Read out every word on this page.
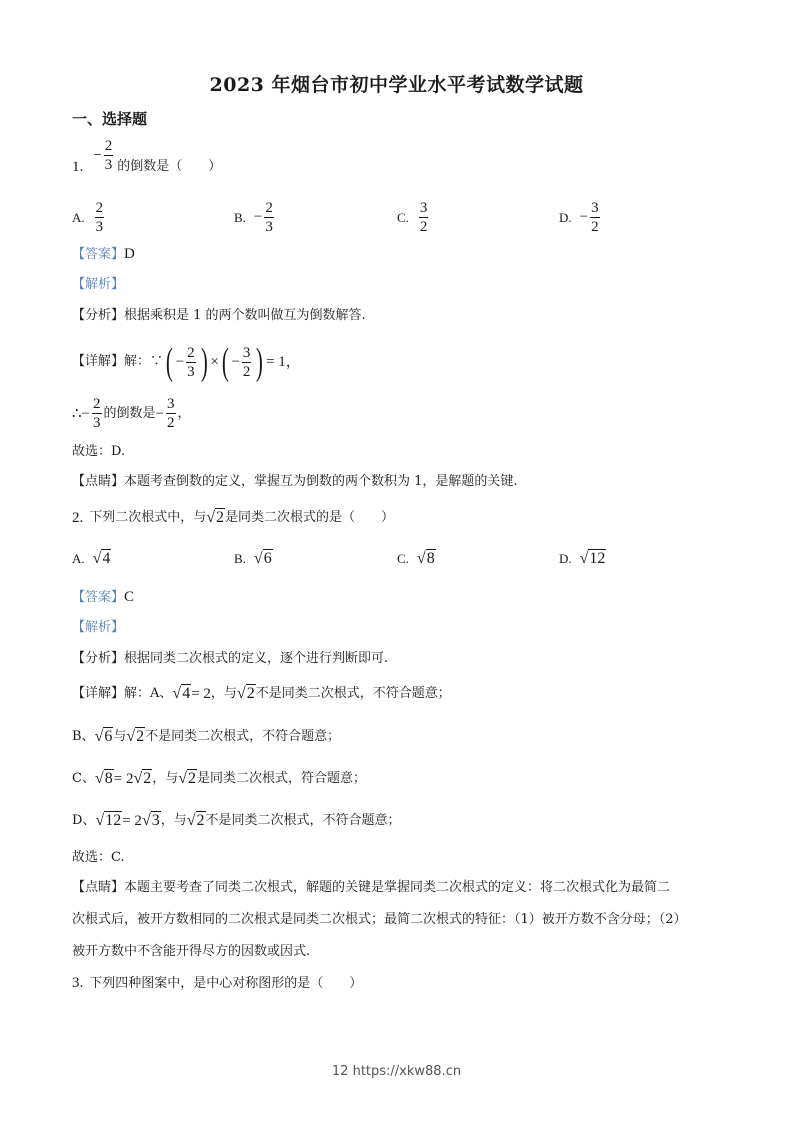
2023 年烟台市初中学业水平考试数学试题
一、选择题
1.
− $\frac{2}{3}$ 的倒数是（　　）
A. $\frac{2}{3}$	B. − $\frac{2}{3}$	C. $\frac{3}{2}$	D. − $\frac{3}{2}$
【答案】D
【解析】
【分析】根据乘积是 1 的两个数叫做互为倒数解答.
【详解】 解：∵ ( − $\frac{2}{3}$ ) × ( − $\frac{3}{2}$ ) = 1，
∴ − $\frac{2}{3}$ 的倒数是 − $\frac{3}{2}$ ，
故选：D.
【点睛】本题考查倒数的定义，掌握互为倒数的两个数积为 1，是解题的关键.
2. 下列二次根式中，与 √2 是同类二次根式的是（　　）
A. √4	B. √6	C. √8	D. √12
【答案】C
【解析】
【分析】根据同类二次根式的定义，逐个进行判断即可.
【详解】 解：A、 √4 = 2 ，与 √2 不是同类二次根式，不符合题意；
B、 √6 与 √2 不是同类二次根式，不符合题意；
C、 √8 = 2 √2 ，与 √2 是同类二次根式，符合题意；
D、 √12 = 2 √3 ，与 √2 不是同类二次根式，不符合题意；
故选：C.
【点睛】本题主要考查了同类二次根式，解题的关键是掌握同类二次根式的定义：将二次根式化为最简二
次根式后，被开方数相同的二次根式是同类二次根式；最简二次根式的特征：（1）被开方数不含分母；（2）
被开方数中不含能开得尽方的因数或因式.
3. 下列四种图案中，是中心对称图形的是（　　）
12 https://xkw88.cn
